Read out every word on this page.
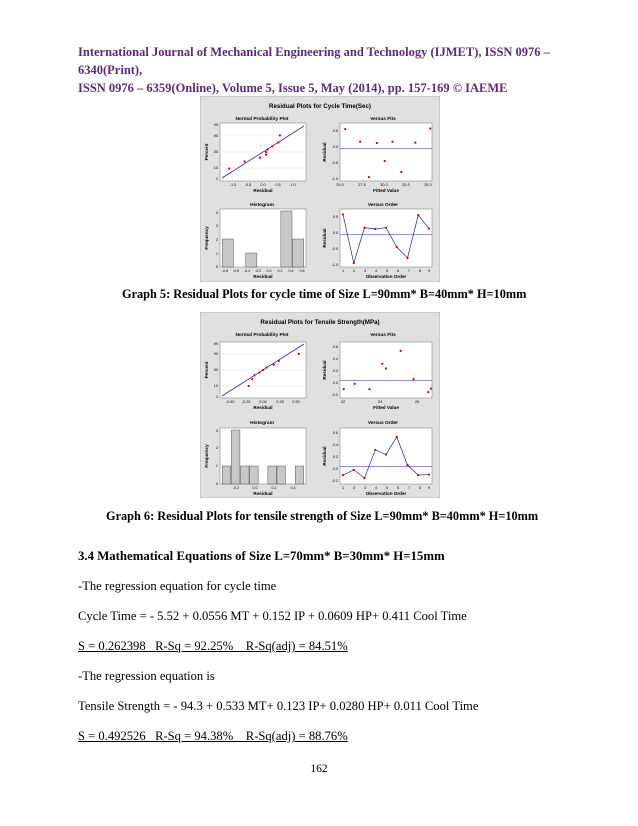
International Journal of Mechanical Engineering and Technology (IJMET), ISSN 0976 – 6340(Print),
ISSN 0976 – 6359(Online), Volume 5, Issue 5, May (2014), pp. 157-169 © IAEME
Residual Plots for Cycle Time(Sec)
Normal Probability Plot
Percent
Residual
-1.0 -0.5 0.0	0.5	1.0
1
10
50
90
99
Versus Fits
Residual
Fitted Value
25.0	27.5	30.0	32.5	35.0
-1.0
-0.5
0.0
0.5
Histogram
Frequency
Residual
-0.8 -0.6 -0.4 -0.2 0.0 0.2 0.4 0.6
0
1
2
3
4
Versus Order
Residual
Observation Order
1 2 3 4 5 6 7 8 9
-1.0
-0.5
0.0
0.5
Graph 5: Residual Plots for cycle time of Size L=90mm* B=40mm* H=10mm
Residual Plots for Tensile Strength(MPa)
Normal Probability Plot
Percent
Residual
-0.50 -0.25 0.00	0.25 0.50
1
10
50
90
99
Versus Fits
Residual
Fitted Value
22	24	26
-0.2
0.0
0.2
0.4
0.6
Histogram
Frequency
Residual
-0.2	0.0	0.2	0.4
0
1
2
3
Versus Order
Residual
Observation Order
1 2 3 4 5 6 7 8 9
-0.2
0.0
0.2
0.4
0.6
Graph 6: Residual Plots for tensile strength of Size L=90mm* B=40mm* H=10mm
3.4 Mathematical Equations of Size L=70mm* B=30mm* H=15mm
-The regression equation for cycle time
Cycle Time = - 5.52 + 0.0556 MT + 0.152 IP + 0.0609 HP+ 0.411 Cool Time
S = 0.262398   R-Sq = 92.25%    R-Sq(adj) = 84.51%
-The regression equation is
Tensile Strength = - 94.3 + 0.533 MT+ 0.123 IP+ 0.0280 HP+ 0.011 Cool Time
S = 0.492526   R-Sq = 94.38%    R-Sq(adj) = 88.76%
162
